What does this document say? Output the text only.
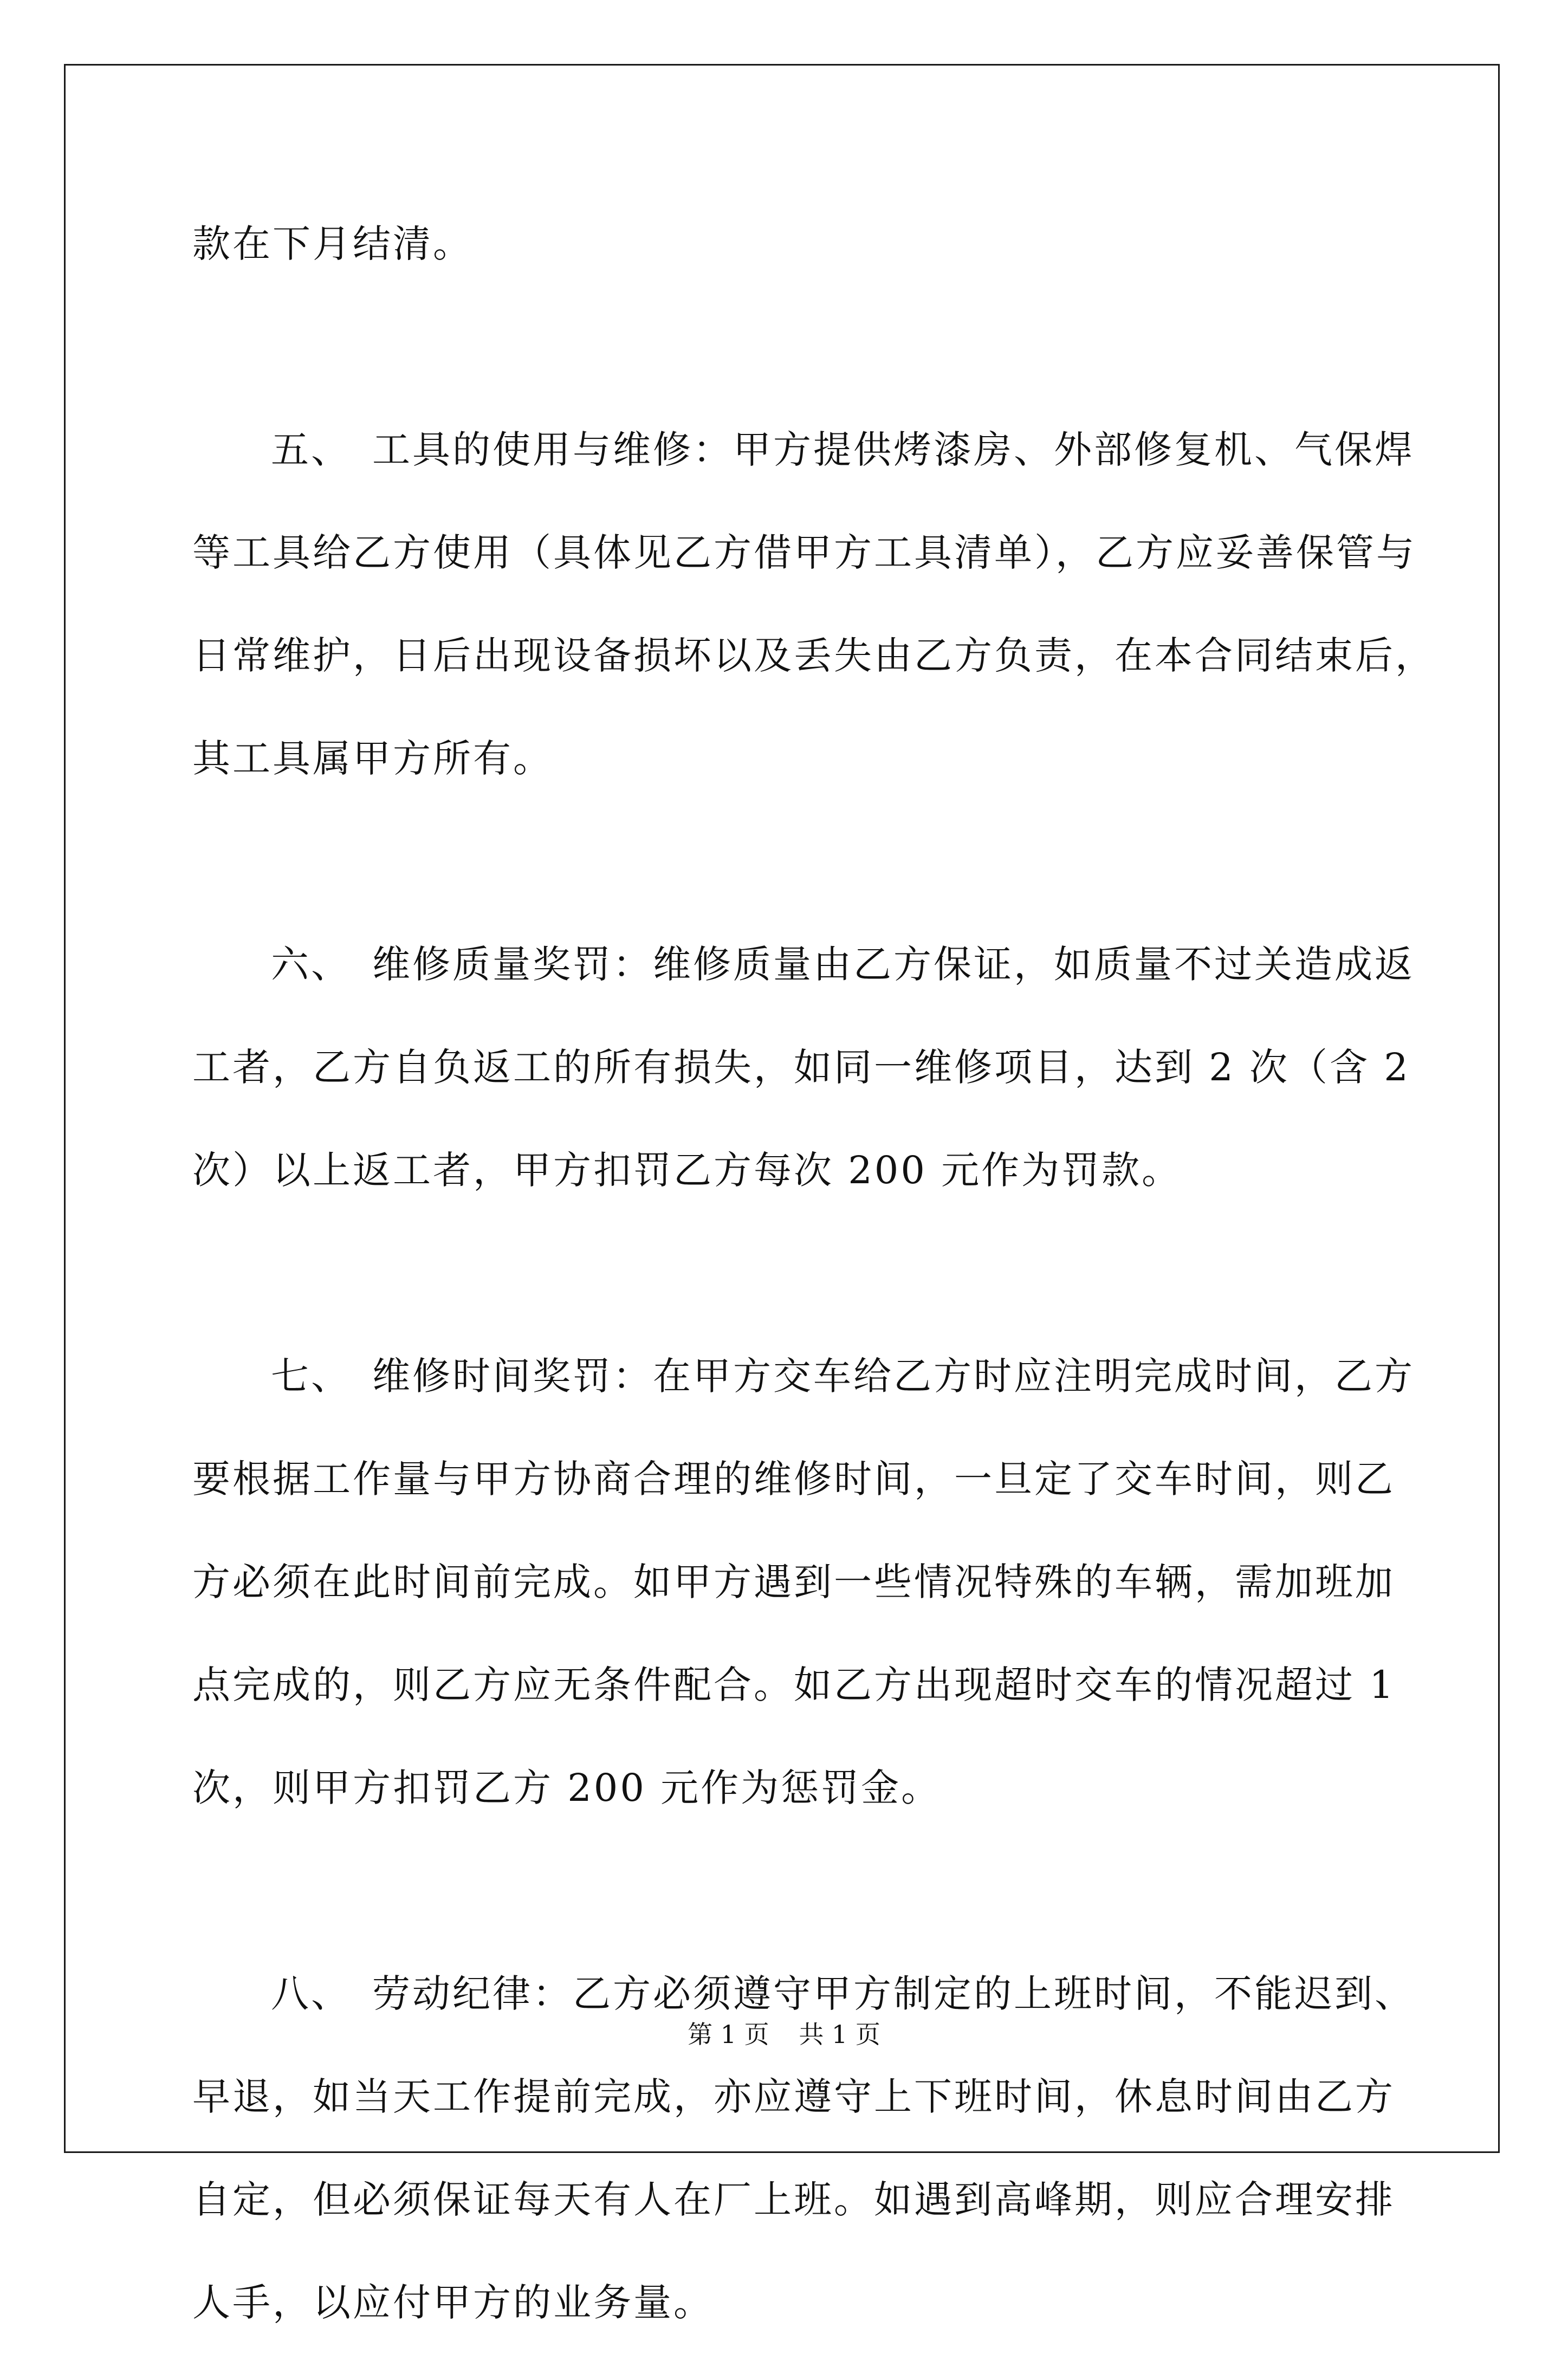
款在下月结清。
五、　工具的使用与维修：甲方提供烤漆房、外部修复机、气保焊
等工具给乙方使用（具体见乙方借甲方工具清单），乙方应妥善保管与
日常维护，日后出现设备损坏以及丢失由乙方负责，在本合同结束后，
其工具属甲方所有。
六、　维修质量奖罚：维修质量由乙方保证，如质量不过关造成返
工者，乙方自负返工的所有损失，如同一维修项目，达到 2 次（含 2
次）以上返工者，甲方扣罚乙方每次 200 元作为罚款。
七、　维修时间奖罚：在甲方交车给乙方时应注明完成时间，乙方
要根据工作量与甲方协商合理的维修时间，一旦定了交车时间，则乙
方必须在此时间前完成。如甲方遇到一些情况特殊的车辆，需加班加
点完成的，则乙方应无条件配合。如乙方出现超时交车的情况超过 1
次，则甲方扣罚乙方 200 元作为惩罚金。
八、　劳动纪律：乙方必须遵守甲方制定的上班时间，不能迟到、
早退，如当天工作提前完成，亦应遵守上下班时间，休息时间由乙方
自定，但必须保证每天有人在厂上班。如遇到高峰期，则应合理安排
人手，以应付甲方的业务量。
第 1 页 共 1 页
